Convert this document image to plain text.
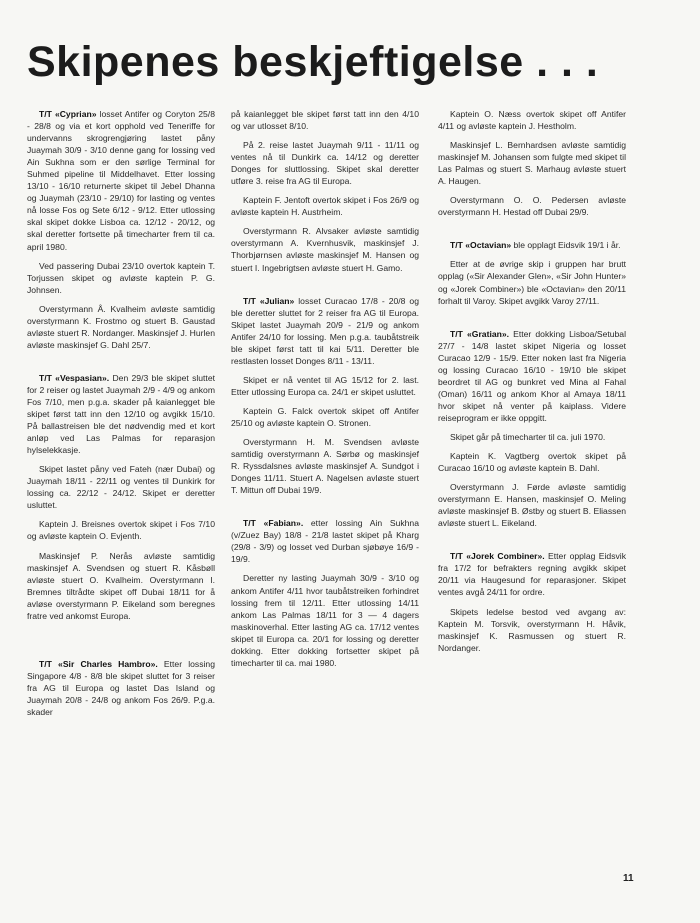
Skipenes beskjeftigelse . . .

T/T «Cyprian» losset Antifer og Coryton 25/8 - 28/8 og via et kort opphold ved Teneriffe for undervanns skrogrengjøring lastet påny Juaymah 30/9 - 3/10 denne gang for lossing ved Ain Sukhna som er den sørlige Terminal for Suhmed pipeline til Middelhavet. Etter lossing 13/10 - 16/10 returnerte skipet til Jebel Dhanna og Juaymah (23/10 - 29/10) for lasting og ventes nå losse Fos og Sete 6/12 - 9/12. Etter utlossing skal skipet dokke Lisboa ca. 12/12 - 20/12, og skal deretter fortsette på timecharter frem til ca. april 1980.

Ved passering Dubai 23/10 overtok kaptein T. Torjussen skipet og avløste kaptein P. G. Johnsen.

Overstyrmann Å. Kvalheim avløste samtidig overstyrmann K. Frostmo og stuert B. Gaustad avløste stuert R. Nordanger. Maskinsjef J. Hurlen avløste maskinsjef G. Dahl 25/7.

T/T «Vespasian». Den 29/3 ble skipet sluttet for 2 reiser og lastet Juaymah 2/9 - 4/9 og ankom Fos 7/10, men p.g.a. skader på kaianlegget ble skipet først tatt inn den 12/10 og avgikk 15/10. På ballastreisen ble det nødvendig med et kort anløp ved Las Palmas for reparasjon hylselekkasje.

Skipet lastet påny ved Fateh (nær Dubai) og Juaymah 18/11 - 22/11 og ventes til Dunkirk for lossing ca. 22/12 - 24/12. Skipet er deretter usluttet.

Kaptein J. Breisnes overtok skipet i Fos 7/10 og avløste kaptein O. Evjenth.

Maskinsjef P. Nerås avløste samtidig maskinsjef A. Svendsen og stuert R. Kåsbøll avløste stuert O. Kvalheim. Overstyrmann I. Bremnes tiltrådte skipet off Dubai 18/11 for å avløse overstyrmann P. Eikeland som beregnes fratre ved ankomst Europa.

T/T «Sir Charles Hambro». Etter lossing Singapore 4/8 - 8/8 ble skipet sluttet for 3 reiser fra AG til Europa og lastet Das Island og Juaymah 20/8 - 24/8 og ankom Fos 26/9. P.g.a. skader

på kaianlegget ble skipet først tatt inn den 4/10 og var utlosset 8/10.

På 2. reise lastet Juaymah 9/11 - 11/11 og ventes nå til Dunkirk ca. 14/12 og deretter Donges for sluttlossing. Skipet skal deretter utføre 3. reise fra AG til Europa.

Kaptein F. Jentoft overtok skipet i Fos 26/9 og avløste kaptein H. Austrheim.

Overstyrmann R. Alvsaker avløste samtidig overstyrmann A. Kvernhusvik, maskinsjef J. Thorbjørnsen avløste maskinsjef M. Hansen og stuert I. Ingebrigtsen avløste stuert H. Gamo.

T/T «Julian» losset Curacao 17/8 - 20/8 og ble deretter sluttet for 2 reiser fra AG til Europa. Skipet lastet Juaymah 20/9 - 21/9 og ankom Antifer 24/10 for lossing. Men p.g.a. taubåtstreik ble skipet først tatt til kai 5/11. Deretter ble restlasten losset Donges 8/11 - 13/11.

Skipet er nå ventet til AG 15/12 for 2. last. Etter utlossing Europa ca. 24/1 er skipet usluttet.

Kaptein G. Falck overtok skipet off Antifer 25/10 og avløste kaptein O. Stronen.

Overstyrmann H. M. Svendsen avløste samtidig overstyrmann A. Sørbø og maskinsjef R. Ryssdalsnes avløste maskinsjef A. Sundgot i Donges 11/11. Stuert A. Nagelsen avløste stuert T. Mittun off Dubai 19/9.

T/T «Fabian». etter lossing Ain Sukhna (v/Zuez Bay) 18/8 - 21/8 lastet skipet på Kharg (29/8 - 3/9) og losset ved Durban sjøbøye 16/9 - 19/9.

Deretter ny lasting Juaymah 30/9 - 3/10 og ankom Antifer 4/11 hvor taubåtstreiken forhindret lossing frem til 12/11. Etter utlossing 14/11 ankom Las Palmas 18/11 for 3 — 4 dagers maskinoverhal. Etter lasting AG ca. 17/12 ventes skipet til Europa ca. 20/1 for lossing og deretter dokking. Etter dokking fortsetter skipet på timecharter til ca. mai 1980.

Kaptein O. Næss overtok skipet off Antifer 4/11 og avløste kaptein J. Hestholm.

Maskinsjef L. Bernhardsen avløste samtidig maskinsjef M. Johansen som fulgte med skipet til Las Palmas og stuert S. Marhaug avløste stuert A. Haugen.

Overstyrmann O. O. Pedersen avløste overstyrmann H. Hestad off Dubai 29/9.

T/T «Octavian» ble opplagt Eidsvik 19/1 i år.

Etter at de øvrige skip i gruppen har brutt opplag («Sir Alexander Glen», «Sir John Hunter» og «Jorek Combiner») ble «Octavian» den 20/11 forhalt til Varoy. Skipet avgikk Varoy 27/11.

T/T «Gratian». Etter dokking Lisboa/Setubal 27/7 - 14/8 lastet skipet Nigeria og losset Curacao 12/9 - 15/9. Etter noken last fra Nigeria og lossing Curacao 16/10 - 19/10 ble skipet beordret til AG og bunkret ved Mina al Fahal (Oman) 16/11 og ankom Khor al Amaya 18/11 hvor skipet nå venter på kaiplass. Videre reiseprogram er ikke oppgitt.

Skipet går på timecharter til ca. juli 1970.

Kaptein K. Vagtberg overtok skipet på Curacao 16/10 og avløste kaptein B. Dahl.

Overstyrmann J. Førde avløste samtidig overstyrmann E. Hansen, maskinsjef O. Meling avløste maskinsjef B. Østby og stuert B. Eliassen avløste stuert L. Eikeland.

T/T «Jorek Combiner». Etter opplag Eidsvik fra 17/2 for befrakters regning avgikk skipet 20/11 via Haugesund for reparasjoner. Skipet ventes avgå 24/11 for ordre.

Skipets ledelse bestod ved avgang av: Kaptein M. Torsvik, overstyrmann H. Håvik, maskinsjef K. Rasmussen og stuert R. Nordanger.

11
